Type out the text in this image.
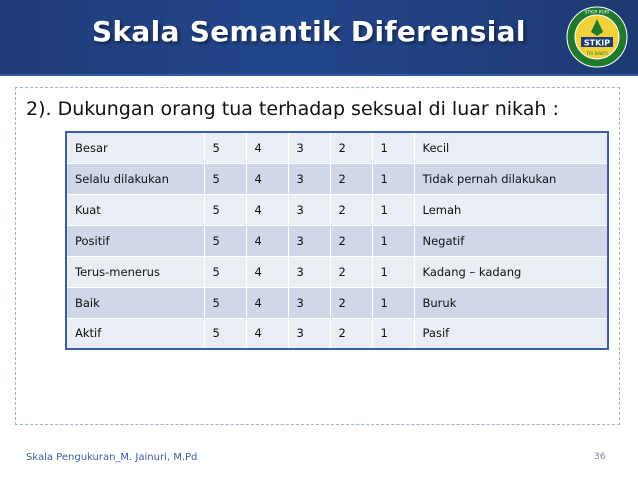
Skala Semantik Diferensial	STKIP
TRI BAKTI
STKIP PGRI
2). Dukungan orang tua terhadap seksual di luar nikah :
Besar	5	4	3	2	1	Kecil
Selalu dilakukan	5	4	3	2	1	Tidak pernah dilakukan
Kuat	5	4	3	2	1	Lemah
Positif	5	4	3	2	1	Negatif
Terus-menerus	5	4	3	2	1	Kadang – kadang
Baik	5	4	3	2	1	Buruk
Aktif	5	4	3	2	1	Pasif
Skala Pengukuran_M. Jainuri, M.Pd	36
